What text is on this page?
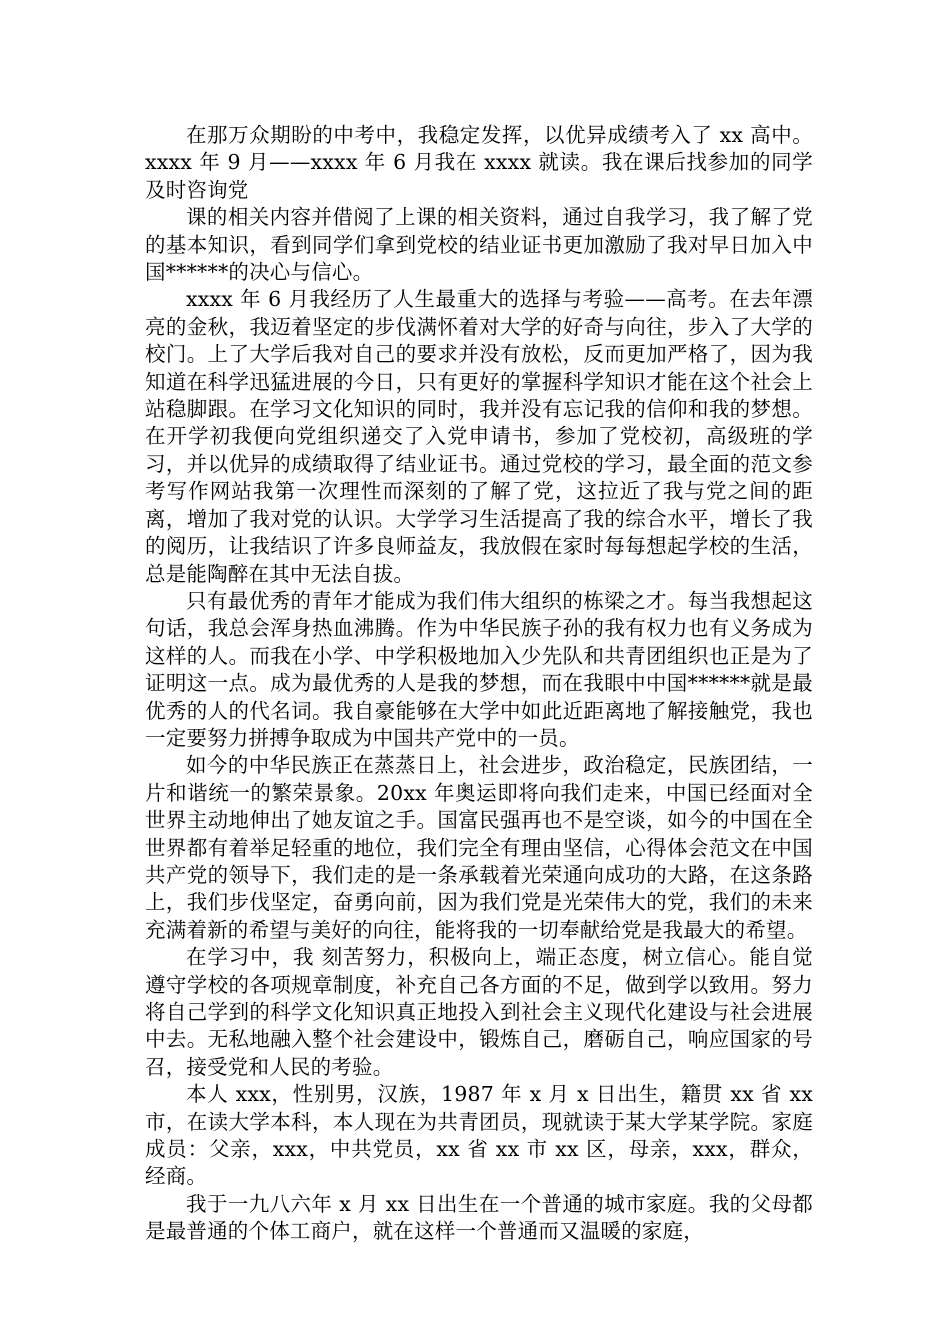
在那万众期盼的中考中，我稳定发挥，以优异成绩考入了 xx 高中。xxxx 年 9 月——xxxx 年 6 月我在 xxxx 就读。我在课后找参加的同学及时咨询党

课的相关内容并借阅了上课的相关资料，通过自我学习，我了解了党的基本知识，看到同学们拿到党校的结业证书更加激励了我对早日加入中国******的决心与信心。

xxxx 年 6 月我经历了人生最重大的选择与考验——高考。在去年漂亮的金秋，我迈着坚定的步伐满怀着对大学的好奇与向往，步入了大学的校门。上了大学后我对自己的要求并没有放松，反而更加严格了，因为我知道在科学迅猛进展的今日，只有更好的掌握科学知识才能在这个社会上站稳脚跟。在学习文化知识的同时，我并没有忘记我的信仰和我的梦想。在开学初我便向党组织递交了入党申请书，参加了党校初，高级班的学习，并以优异的成绩取得了结业证书。通过党校的学习，最全面的范文参考写作网站我第一次理性而深刻的了解了党，这拉近了我与党之间的距离，增加了我对党的认识。大学学习生活提高了我的综合水平，增长了我的阅历，让我结识了许多良师益友，我放假在家时每每想起学校的生活，总是能陶醉在其中无法自拔。

只有最优秀的青年才能成为我们伟大组织的栋梁之才。每当我想起这句话，我总会浑身热血沸腾。作为中华民族子孙的我有权力也有义务成为这样的人。而我在小学、中学积极地加入少先队和共青团组织也正是为了证明这一点。成为最优秀的人是我的梦想，而在我眼中中国******就是最优秀的人的代名词。我自豪能够在大学中如此近距离地了解接触党，我也一定要努力拼搏争取成为中国共产党中的一员。

如今的中华民族正在蒸蒸日上，社会进步，政治稳定，民族团结，一片和谐统一的繁荣景象。20xx 年奥运即将向我们走来，中国已经面对全世界主动地伸出了她友谊之手。国富民强再也不是空谈，如今的中国在全世界都有着举足轻重的地位，我们完全有理由坚信，心得体会范文在中国共产党的领导下，我们走的是一条承载着光荣通向成功的大路，在这条路上，我们步伐坚定，奋勇向前，因为我们党是光荣伟大的党，我们的未来充满着新的希望与美好的向往，能将我的一切奉献给党是我最大的希望。

在学习中，我 刻苦努力，积极向上，端正态度，树立信心。能自觉遵守学校的各项规章制度，补充自己各方面的不足，做到学以致用。努力将自己学到的科学文化知识真正地投入到社会主义现代化建设与社会进展中去。无私地融入整个社会建设中，锻炼自己，磨砺自己，响应国家的号召，接受党和人民的考验。

本人 xxx，性别男，汉族，1987 年 x 月 x 日出生，籍贯 xx 省 xx 市，在读大学本科，本人现在为共青团员，现就读于某大学某学院。家庭成员：父亲，xxx，中共党员，xx 省 xx 市 xx 区，母亲，xxx，群众，经商。

我于一九八六年 x 月 xx 日出生在一个普通的城市家庭。我的父母都是最普通的个体工商户，就在这样一个普通而又温暖的家庭，
